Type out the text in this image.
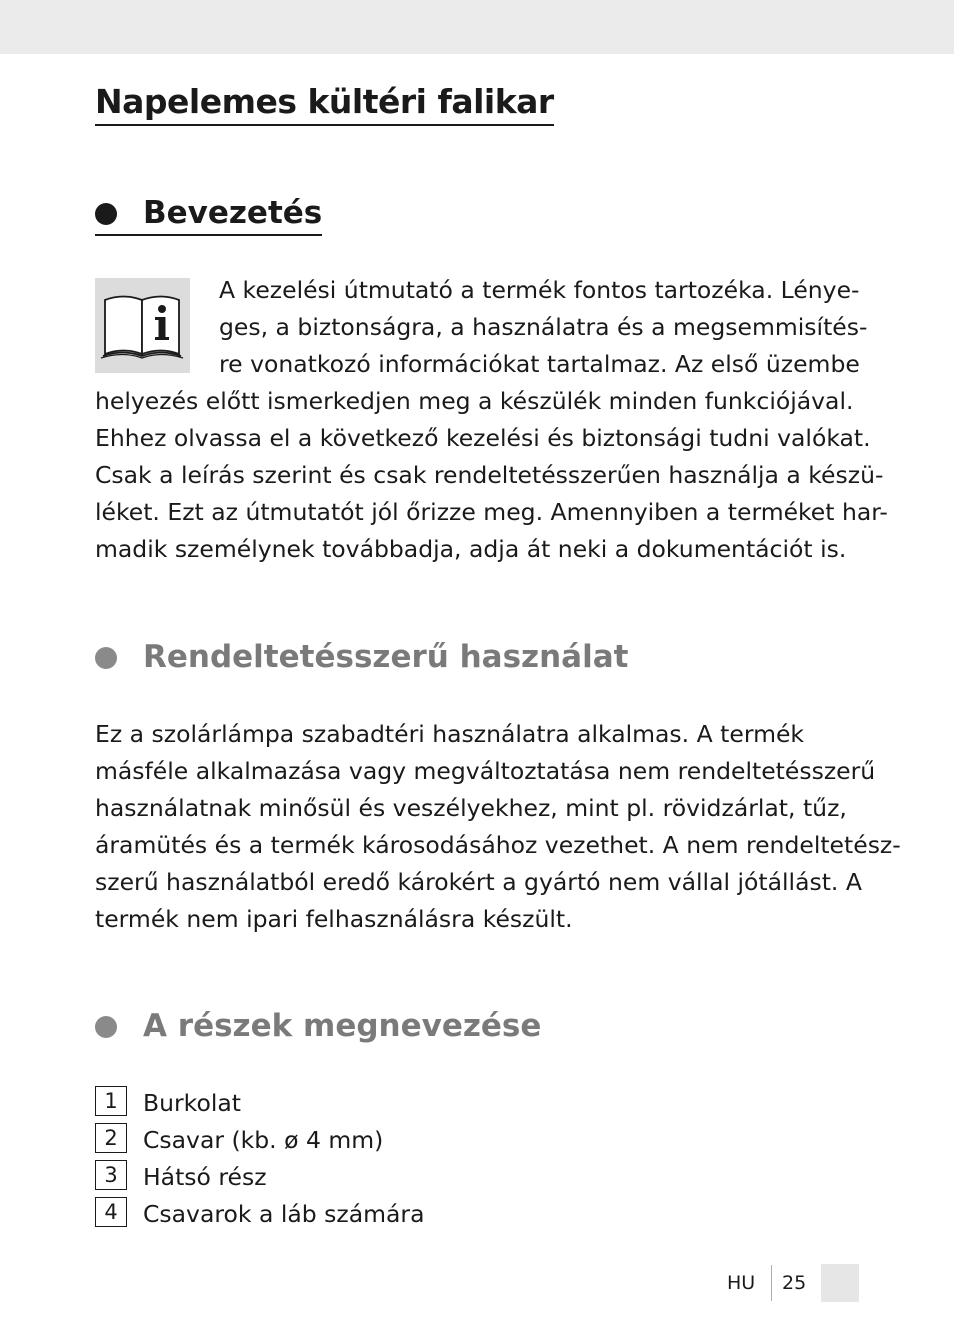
Napelemes kültéri falikar
Bevezetés
A kezelési útmutató a termék fontos tartozéka. Lénye-
ges, a biztonságra, a használatra és a megsemmisítés-
re vonatkozó információkat tartalmaz. Az első üzembe
helyezés előtt ismerkedjen meg a készülék minden funkciójával.
Ehhez olvassa el a következő kezelési és biztonsági tudni valókat.
Csak a leírás szerint és csak rendeltetésszerűen használja a készü-
léket. Ezt az útmutatót jól őrizze meg. Amennyiben a terméket har-
madik személynek továbbadja, adja át neki a dokumentációt is.
Rendeltetésszerű használat
Ez a szolárlámpa szabadtéri használatra alkalmas. A termék
másféle alkalmazása vagy megváltoztatása nem rendeltetésszerű
használatnak minősül és veszélyekhez, mint pl. rövidzárlat, tűz,
áramütés és a termék károsodásához vezethet. A nem rendeltetész-
szerű használatból eredő károkért a gyártó nem vállal jótállást. A
termék nem ipari felhasználásra készült.
A részek megnevezése
1	Burkolat
2	Csavar (kb. ø 4 mm)
3	Hátsó rész
4	Csavarok a láb számára
HU 25
